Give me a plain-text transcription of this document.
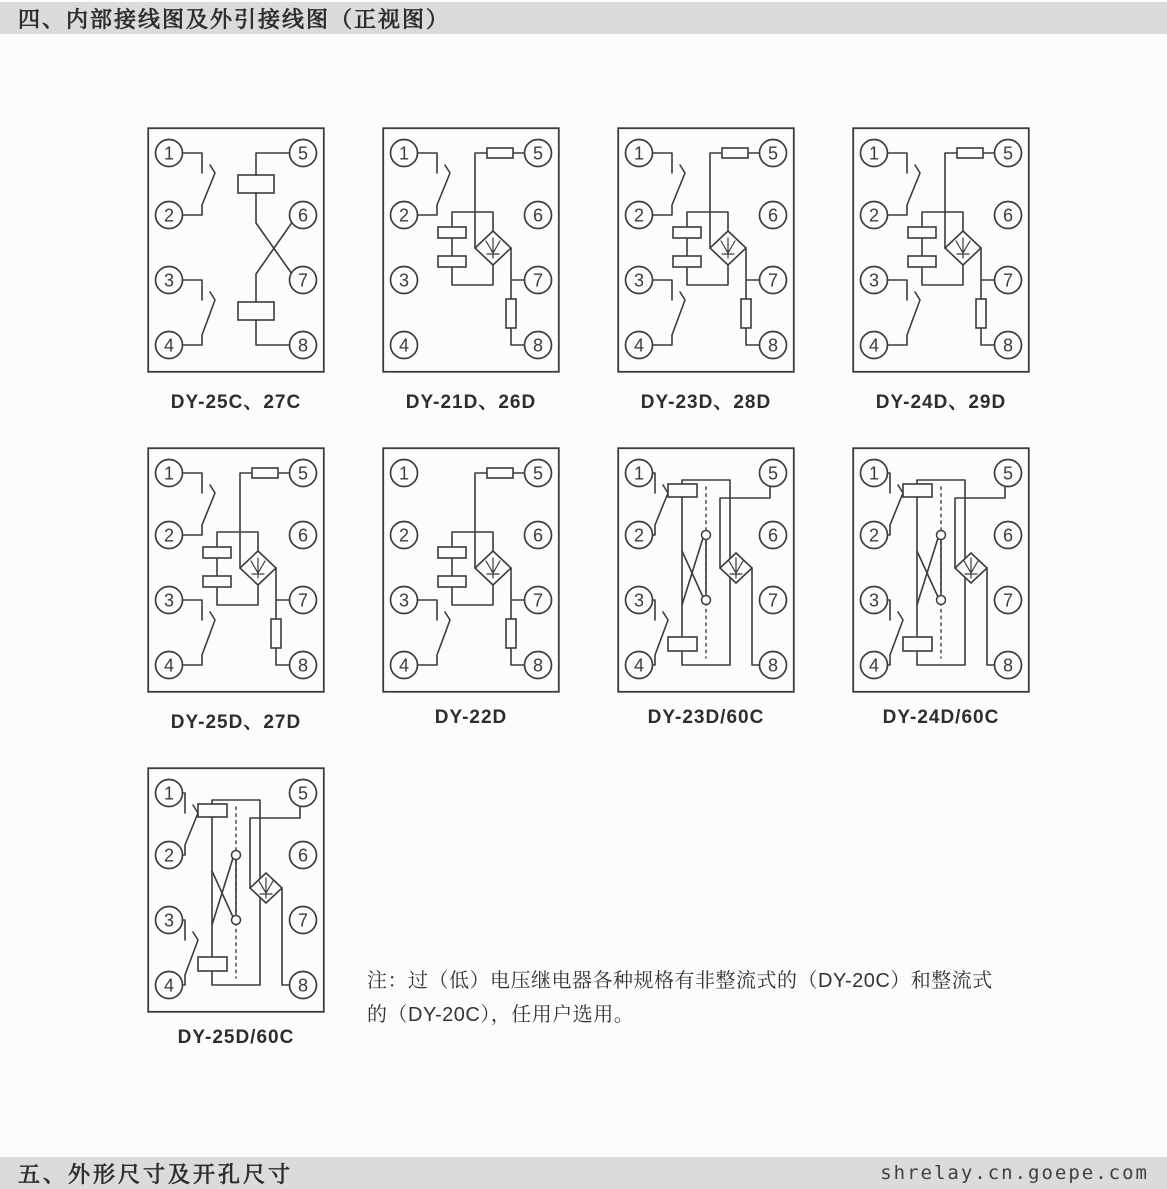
四、内部接线图及外引接线图（正视图）
1
2
3
4
5
6
7
8
DY-25C、27C
1
2
3
4
5
6
7
8
DY-21D、26D
1
2
3
4
5
6
7
8
DY-23D、28D
1
2
3
4
5
6
7
8
DY-24D、29D
1
2
3
4
5
6
7
8
DY-25D、27D
1
2
3
4
5
6
7
8
DY-22D
1
2
3
4
5
6
7
8
DY-23D/60C
1
2
3
4
5
6
7
8
DY-24D/60C
1
2
3
4
5
6
7
8
DY-25D/60C
注：过（低）电压继电器各种规格有非整流式的（DY-20C）和整流式
的（DY-20C），任用户选用。
五、外形尺寸及开孔尺寸	shrelay.cn.goepe.com
